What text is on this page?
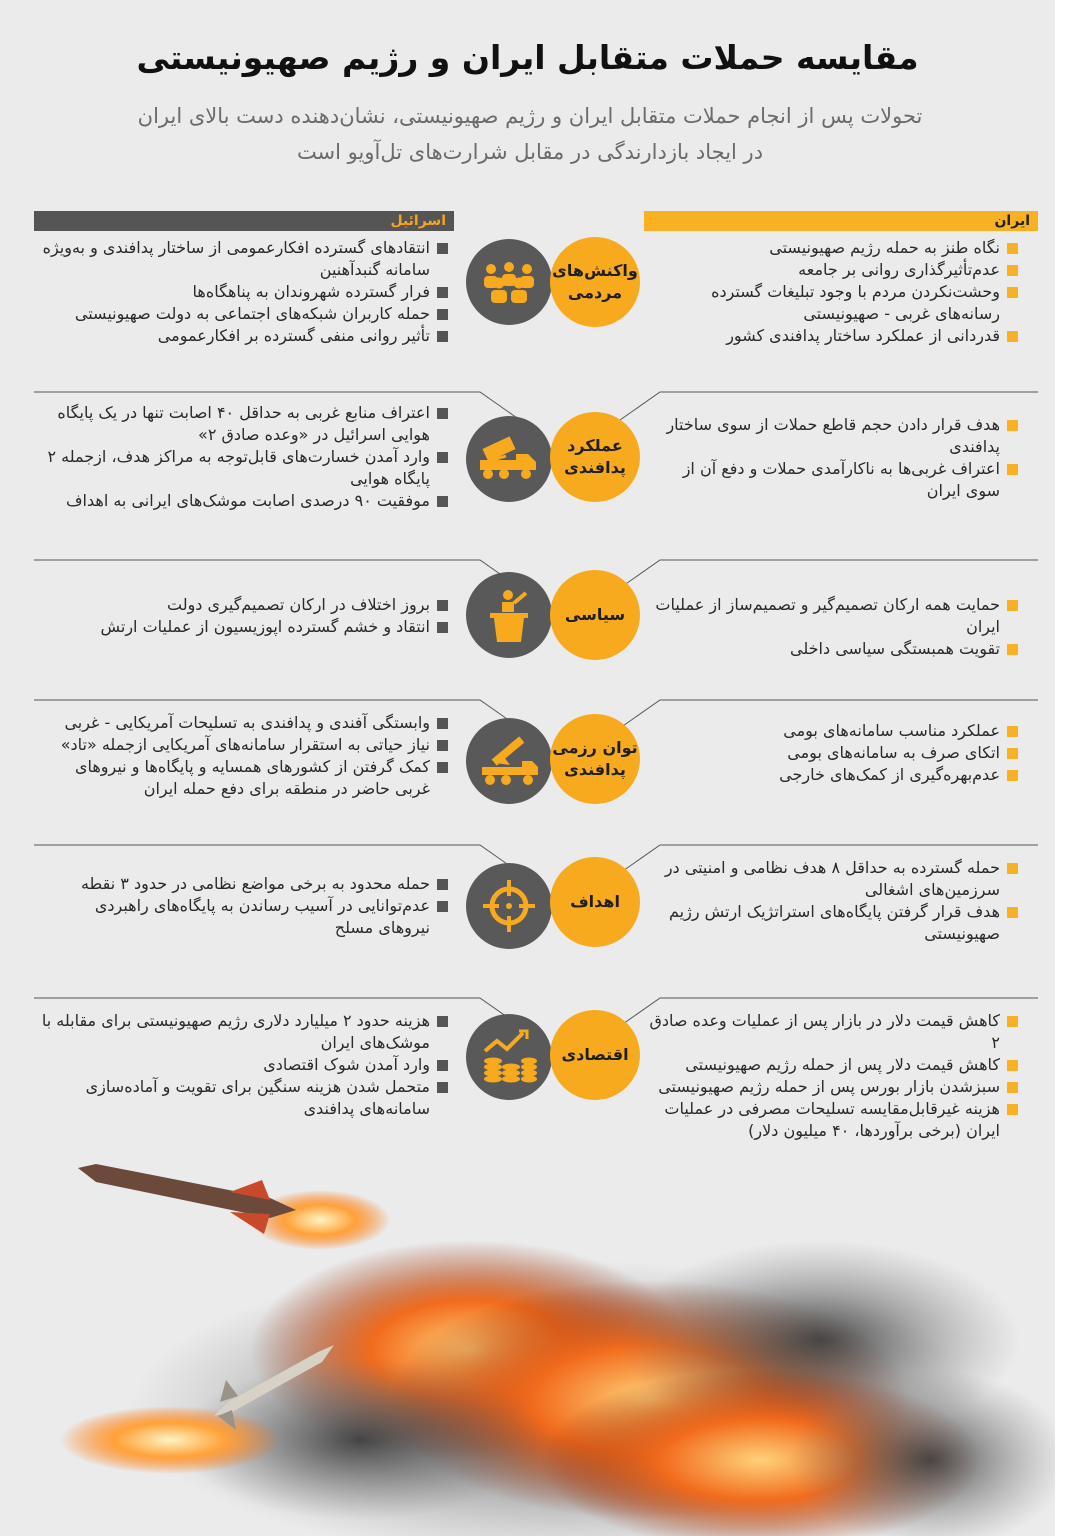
مقایسه حملات متقابل ایران و رژیم صهیونیستی
تحولات پس از انجام حملات متقابل ایران و رژیم صهیونیستی، نشان‌دهنده دست بالای ایران
در ایجاد بازدارندگی در مقابل شرارت‌های تل‌آویو است
اسرائیل	ایران
واکنش‌های
مردمی
انتقادهای گسترده افکارعمومی از ساختار پدافندی و به‌ویژه سامانه گنبدآهنین
فرار گسترده شهروندان به پناهگاه‌ها
حمله کاربران شبکه‌های اجتماعی به دولت صهیونیستی
تأثیر روانی منفی گسترده بر افکارعمومی
نگاه طنز به حمله رژیم صهیونیستی
عدم‌تأثیرگذاری روانی بر جامعه
وحشت‌نکردن مردم با وجود تبلیغات گسترده رسانه‌های غربی - صهیونیستی
قدردانی از عملکرد ساختار پدافندی کشور
عملکرد
پدافندی
اعتراف منابع غربی به حداقل ۴۰ اصابت تنها در یک پایگاه هوایی اسرائیل در «وعده صادق ۲»
وارد آمدن خسارت‌های قابل‌توجه به مراکز هدف، ازجمله ۲ پایگاه هوایی
موفقیت ۹۰ درصدی اصابت موشک‌های ایرانی به اهداف
هدف قرار دادن حجم قاطع حملات از سوی ساختار پدافندی
اعتراف غربی‌ها به ناکارآمدی حملات و دفع آن از سوی ایران
سیاسی
بروز اختلاف در ارکان تصمیم‌گیری دولت
انتقاد و خشم گسترده اپوزیسیون از عملیات ارتش
حمایت همه ارکان تصمیم‌گیر و تصمیم‌ساز از عملیات ایران
تقویت همبستگی سیاسی داخلی
توان رزمی
پدافندی
وابستگی آفندی و پدافندی به تسلیحات آمریکایی - غربی
نیاز حیاتی به استقرار سامانه‌های آمریکایی ازجمله «تاد»
کمک گرفتن از کشورهای همسایه و پایگاه‌ها و نیروهای غربی حاضر در منطقه برای دفع حمله ایران
عملکرد مناسب سامانه‌های بومی
اتکای صرف به سامانه‌های بومی
عدم‌بهره‌گیری از کمک‌های خارجی
اهداف
حمله محدود به برخی مواضع نظامی در حدود ۳ نقطه
عدم‌توانایی در آسیب رساندن به پایگاه‌های راهبردی نیروهای مسلح
حمله گسترده به حداقل ۸ هدف نظامی و امنیتی در سرزمین‌های اشغالی
هدف قرار گرفتن پایگاه‌های استراتژیک ارتش رژیم صهیونیستی
اقتصادی
هزینه حدود ۲ میلیارد دلاری رژیم صهیونیستی برای مقابله با موشک‌های ایران
وارد آمدن شوک اقتصادی
متحمل شدن هزینه سنگین برای تقویت و آماده‌سازی سامانه‌های پدافندی
کاهش قیمت دلار در بازار پس از عملیات وعده صادق ۲
کاهش قیمت دلار پس از حمله رژیم صهیونیستی
سبزشدن بازار بورس پس از حمله رژیم صهیونیستی
هزینه غیرقابل‌مقایسه تسلیحات مصرفی در عملیات ایران (برخی برآوردها، ۴۰ میلیون دلار)
